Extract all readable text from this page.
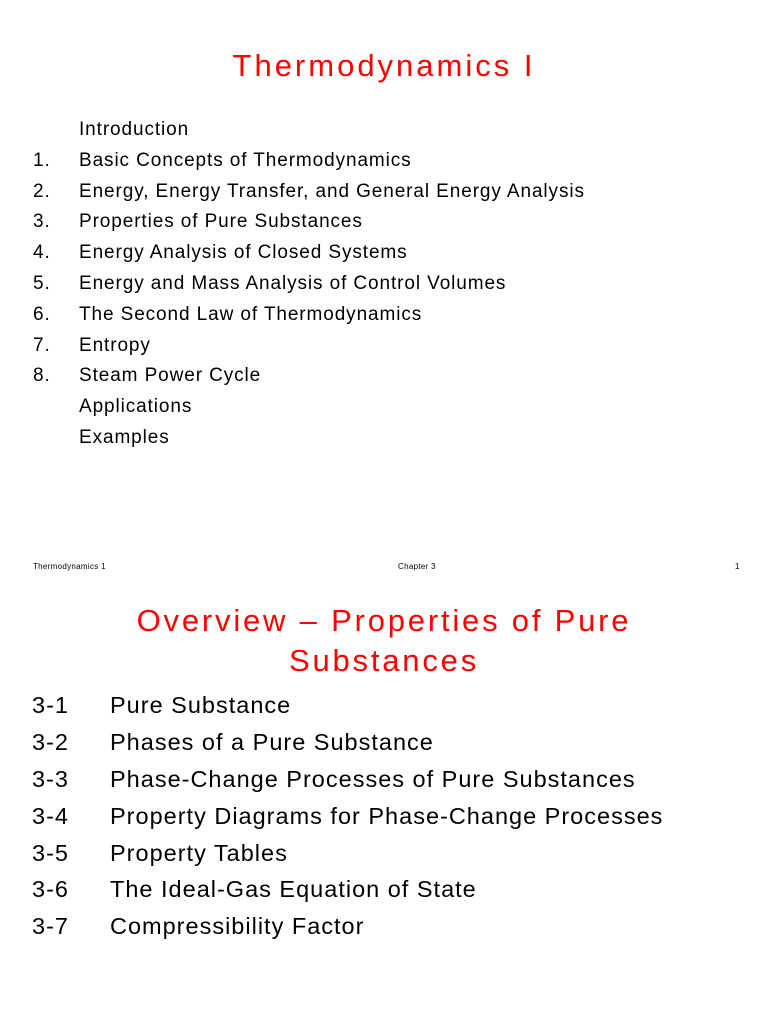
Thermodynamics I
Introduction
1. Basic Concepts of Thermodynamics
2. Energy, Energy Transfer, and General Energy Analysis
3. Properties of Pure Substances
4. Energy Analysis of Closed Systems
5. Energy and Mass Analysis of Control Volumes
6. The Second Law of Thermodynamics
7. Entropy
8. Steam Power Cycle
Applications
Examples
Thermodynamics 1	Chapter 3	1
Overview – Properties of Pure
Substances
3-1 Pure Substance
3-2 Phases of a Pure Substance
3-3 Phase-Change Processes of Pure Substances
3-4 Property Diagrams for Phase-Change Processes
3-5 Property Tables
3-6 The Ideal-Gas Equation of State
3-7 Compressibility Factor
